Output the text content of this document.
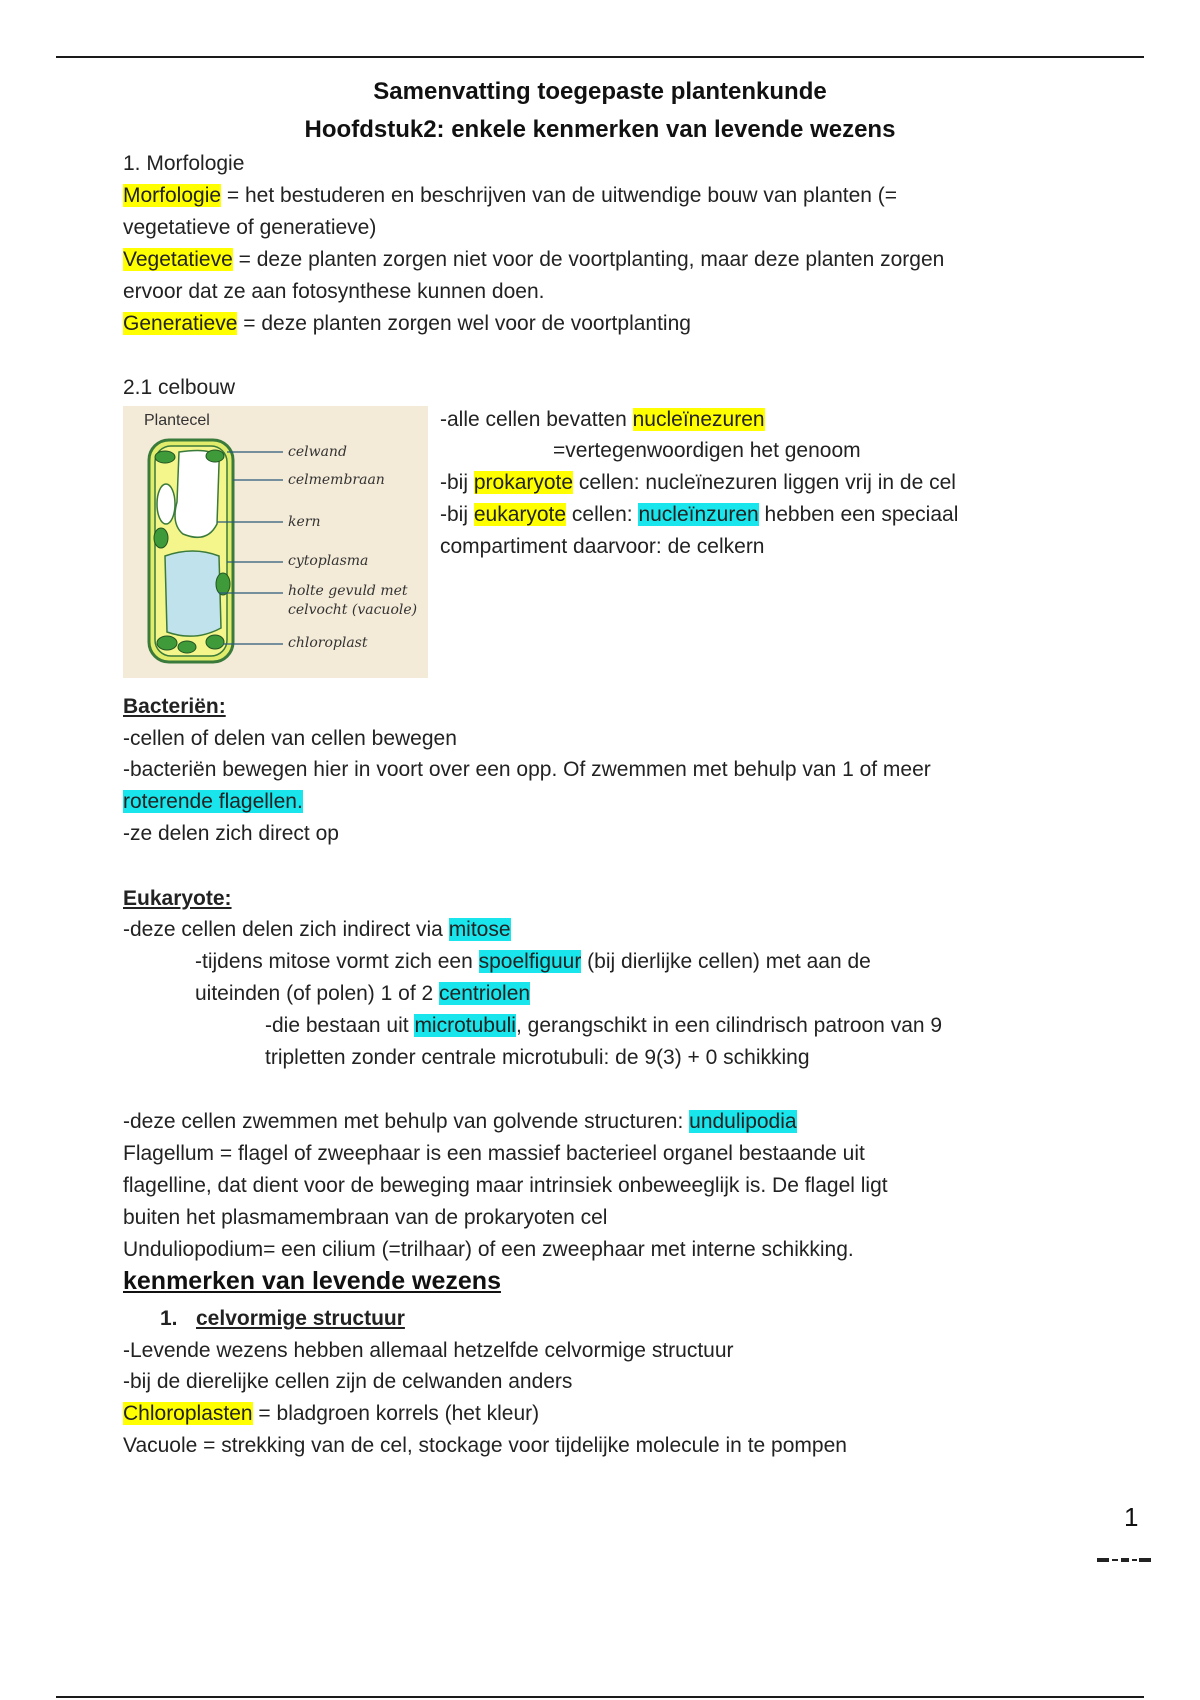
Samenvatting toegepaste plantenkunde
Hoofdstuk2: enkele kenmerken van levende wezens
1. Morfologie
Morfologie = het bestuderen en beschrijven van de uitwendige bouw van planten (=
vegetatieve of generatieve)
Vegetatieve = deze planten zorgen niet voor de voortplanting, maar deze planten zorgen
ervoor dat ze aan fotosynthese kunnen doen.
Generatieve = deze planten zorgen wel voor de voortplanting
2.1 celbouw
Plantecel
celwand
celmembraan
kern
cytoplasma
holte gevuld met
celvocht (vacuole)
chloroplast
-alle cellen bevatten nucleïnezuren
=vertegenwoordigen het genoom
-bij prokaryote cellen: nucleïnezuren liggen vrij in de cel
-bij eukaryote cellen: nucleïnzuren hebben een speciaal
compartiment daarvoor: de celkern
Bacteriën:
-cellen of delen van cellen bewegen
-bacteriën bewegen hier in voort over een opp. Of zwemmen met behulp van 1 of meer
roterende flagellen.
-ze delen zich direct op
Eukaryote:
-deze cellen delen zich indirect via mitose
-tijdens mitose vormt zich een spoelfiguur (bij dierlijke cellen) met aan de
uiteinden (of polen) 1 of 2 centriolen
-die bestaan uit microtubuli, gerangschikt in een cilindrisch patroon van 9
tripletten zonder centrale microtubuli: de 9(3) + 0 schikking
-deze cellen zwemmen met behulp van golvende structuren: undulipodia
Flagellum = flagel of zweephaar is een massief bacterieel organel bestaande uit
flagelline, dat dient voor de beweging maar intrinsiek onbeweeglijk is. De flagel ligt
buiten het plasmamembraan van de prokaryoten cel
Unduliopodium= een cilium (=trilhaar) of een zweephaar met interne schikking.
kenmerken van levende wezens
1. celvormige structuur
-Levende wezens hebben allemaal hetzelfde celvormige structuur
-bij de dierelijke cellen zijn de celwanden anders
Chloroplasten = bladgroen korrels (het kleur)
Vacuole = strekking van de cel, stockage voor tijdelijke molecule in te pompen
1
